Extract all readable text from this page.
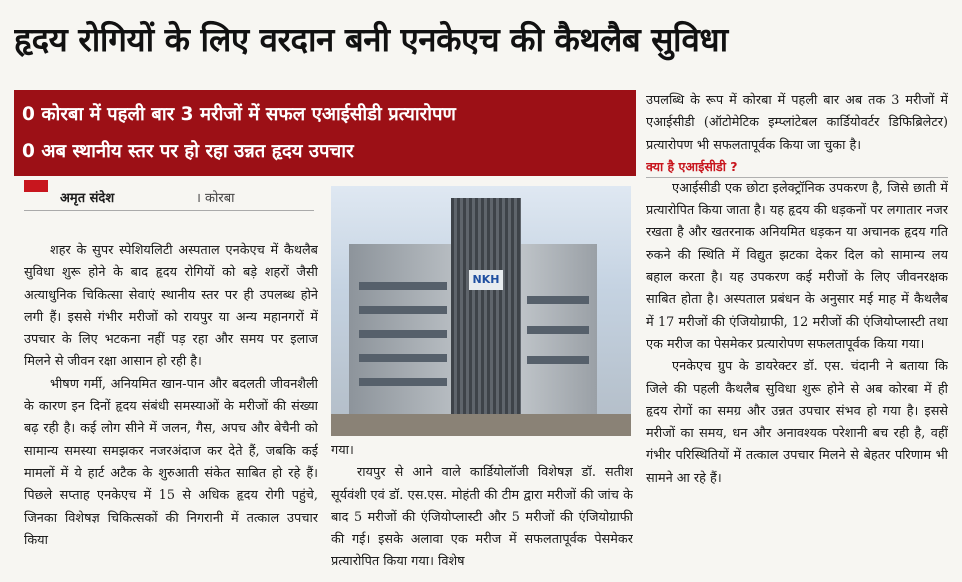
हृदय रोगियों के लिए वरदान बनी एनकेएच की कैथलैब सुविधा
0 कोरबा में पहली बार 3 मरीजों में सफल एआईसीडी प्रत्यारोपण
0 अब स्थानीय स्तर पर हो रहा उन्नत हृदय उपचार
अमृत संदेश	। कोरबा

शहर के सुपर स्पेशियलिटी अस्पताल एनकेएच में कैथलैब सुविधा शुरू होने के बाद हृदय रोगियों को बड़े शहरों जैसी अत्याधुनिक चिकित्सा सेवाएं स्थानीय स्तर पर ही उपलब्ध होने लगी हैं। इससे गंभीर मरीजों को रायपुर या अन्य महानगरों में उपचार के लिए भटकना नहीं पड़ रहा और समय पर इलाज मिलने से जीवन रक्षा आसान हो रही है।

भीषण गर्मी, अनियमित खान-पान और बदलती जीवनशैली के कारण इन दिनों हृदय संबंधी समस्याओं के मरीजों की संख्या बढ़ रही है। कई लोग सीने में जलन, गैस, अपच और बेचैनी को सामान्य समस्या समझकर नजरअंदाज कर देते हैं, जबकि कई मामलों में ये हार्ट अटैक के शुरुआती संकेत साबित हो रहे हैं। पिछले सप्ताह एनकेएच में 15 से अधिक हृदय रोगी पहुंचे, जिनका विशेषज्ञ चिकित्सकों की निगरानी में तत्काल उपचार किया

NKH

गया।

रायपुर से आने वाले कार्डियोलॉजी विशेषज्ञ डॉ. सतीश सूर्यवंशी एवं डॉ. एस.एस. मोहंती की टीम द्वारा मरीजों की जांच के बाद 5 मरीजों की एंजियोप्लास्टी और 5 मरीजों की एंजियोग्राफी की गई। इसके अलावा एक मरीज में सफलतापूर्वक पेसमेकर प्रत्यारोपित किया गया। विशेष

उपलब्धि के रूप में कोरबा में पहली बार अब तक 3 मरीजों में एआईसीडी (ऑटोमेटिक इम्प्लांटेबल कार्डियोवर्टर डिफिब्रिलेटर) प्रत्यारोपण भी सफलतापूर्वक किया जा चुका है।

क्या है एआईसीडी ?

एआईसीडी एक छोटा इलेक्ट्रॉनिक उपकरण है, जिसे छाती में प्रत्यारोपित किया जाता है। यह हृदय की धड़कनों पर लगातार नजर रखता है और खतरनाक अनियमित धड़कन या अचानक हृदय गति रुकने की स्थिति में विद्युत झटका देकर दिल को सामान्य लय बहाल करता है। यह उपकरण कई मरीजों के लिए जीवनरक्षक साबित होता है। अस्पताल प्रबंधन के अनुसार मई माह में कैथलैब में 17 मरीजों की एंजियोग्राफी, 12 मरीजों की एंजियोप्लास्टी तथा एक मरीज का पेसमेकर प्रत्यारोपण सफलतापूर्वक किया गया।

एनकेएच ग्रुप के डायरेक्टर डॉ. एस. चंदानी ने बताया कि जिले की पहली कैथलैब सुविधा शुरू होने से अब कोरबा में ही हृदय रोगों का समग्र और उन्नत उपचार संभव हो गया है। इससे मरीजों का समय, धन और अनावश्यक परेशानी बच रही है, वहीं गंभीर परिस्थितियों में तत्काल उपचार मिलने से बेहतर परिणाम भी सामने आ रहे हैं।
